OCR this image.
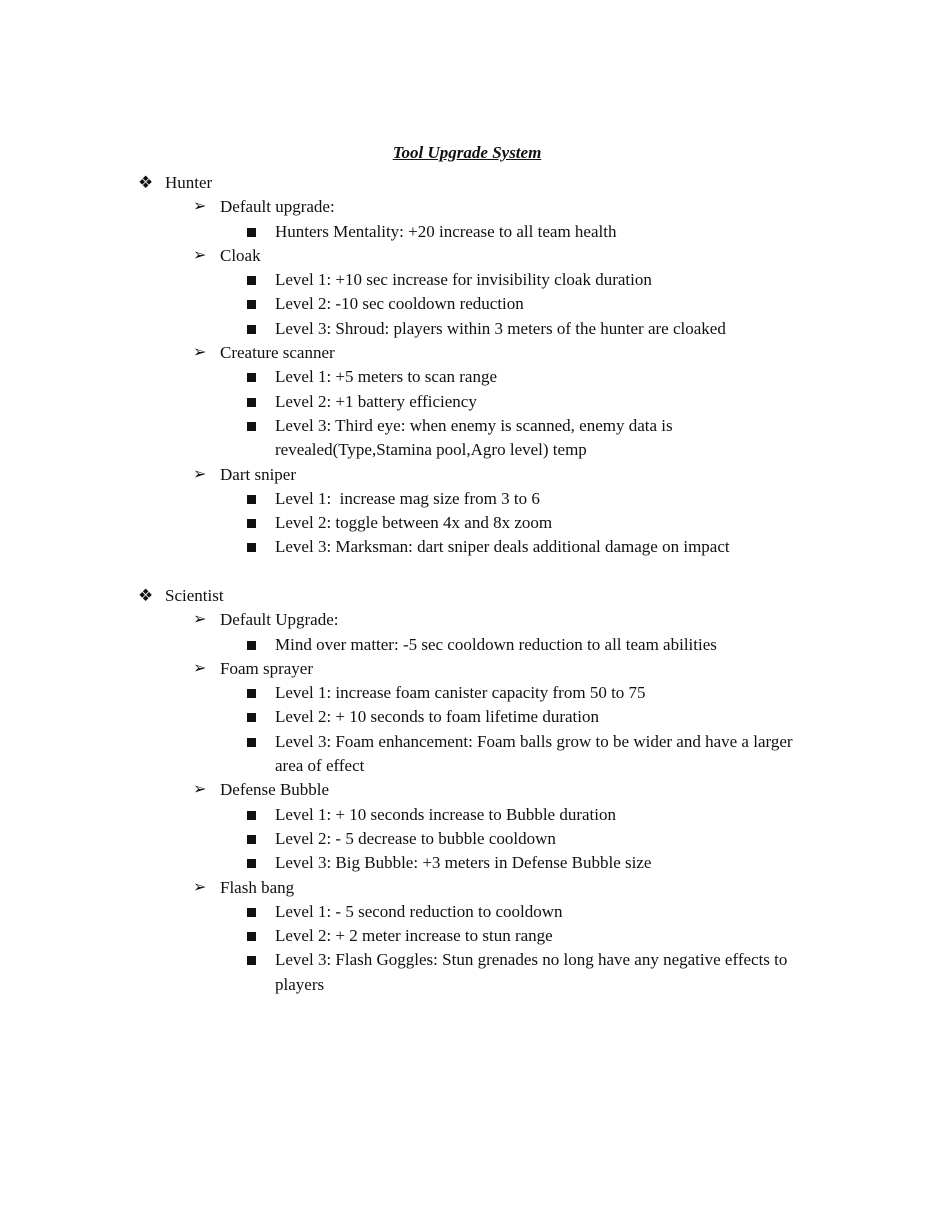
Tool Upgrade System
❖ Hunter
➢ Default upgrade:
Hunters Mentality: +20 increase to all team health
➢ Cloak
Level 1: +10 sec increase for invisibility cloak duration
Level 2: -10 sec cooldown reduction
Level 3: Shroud: players within 3 meters of the hunter are cloaked
➢ Creature scanner
Level 1: +5 meters to scan range
Level 2: +1 battery efficiency
Level 3: Third eye: when enemy is scanned, enemy data is revealed(Type,Stamina pool,Agro level) temp
➢ Dart sniper
Level 1:  increase mag size from 3 to 6
Level 2: toggle between 4x and 8x zoom
Level 3: Marksman: dart sniper deals additional damage on impact
❖ Scientist
➢ Default Upgrade:
Mind over matter: -5 sec cooldown reduction to all team abilities
➢ Foam sprayer
Level 1: increase foam canister capacity from 50 to 75
Level 2: + 10 seconds to foam lifetime duration
Level 3: Foam enhancement: Foam balls grow to be wider and have a larger area of effect
➢ Defense Bubble
Level 1: + 10 seconds increase to Bubble duration
Level 2: - 5 decrease to bubble cooldown
Level 3: Big Bubble: +3 meters in Defense Bubble size
➢ Flash bang
Level 1: - 5 second reduction to cooldown
Level 2: + 2 meter increase to stun range
Level 3: Flash Goggles: Stun grenades no long have any negative effects to players
